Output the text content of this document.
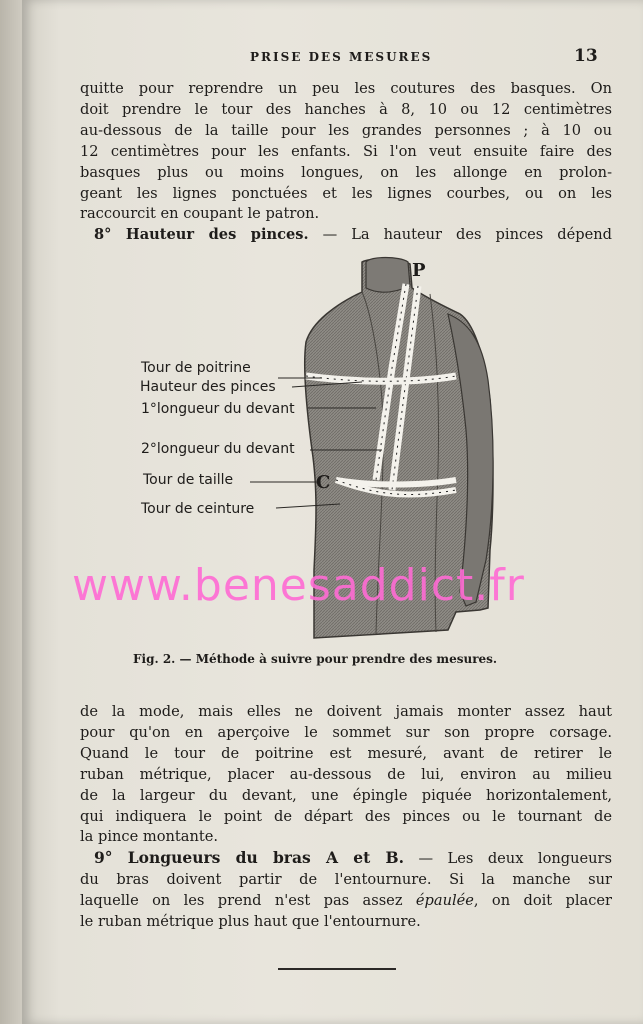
PRISE DES MESURES	13
quitte pour reprendre un peu les coutures des basques. On
doit prendre le tour des hanches à 8, 10 ou 12 centimètres
au-dessous de la taille pour les grandes personnes ; à 10 ou
12 centimètres pour les enfants. Si l'on veut ensuite faire des
basques plus ou moins longues, on les allonge en prolon-
geant les lignes ponctuées et les lignes courbes, ou on les
raccourcit en coupant le patron.
8° Hauteur des pinces. — La hauteur des pinces dépend
P
C
Tour de poitrine
Hauteur des pinces
1°longueur du devant
2°longueur du devant
Tour de taille
Tour de ceinture
www.benesaddict.fr
Fig. 2. — Méthode à suivre pour prendre des mesures.
de la mode, mais elles ne doivent jamais monter assez haut
pour qu'on en aperçoive le sommet sur son propre corsage.
Quand le tour de poitrine est mesuré, avant de retirer le
ruban métrique, placer au-dessous de lui, environ au milieu
de la largeur du devant, une épingle piquée horizontalement,
qui indiquera le point de départ des pinces ou le tournant de
la pince montante.
9° Longueurs du bras A et B. — Les deux longueurs
du bras doivent partir de l'entournure. Si la manche sur
laquelle on les prend n'est pas assez épaulée, on doit placer
le ruban métrique plus haut que l'entournure.
